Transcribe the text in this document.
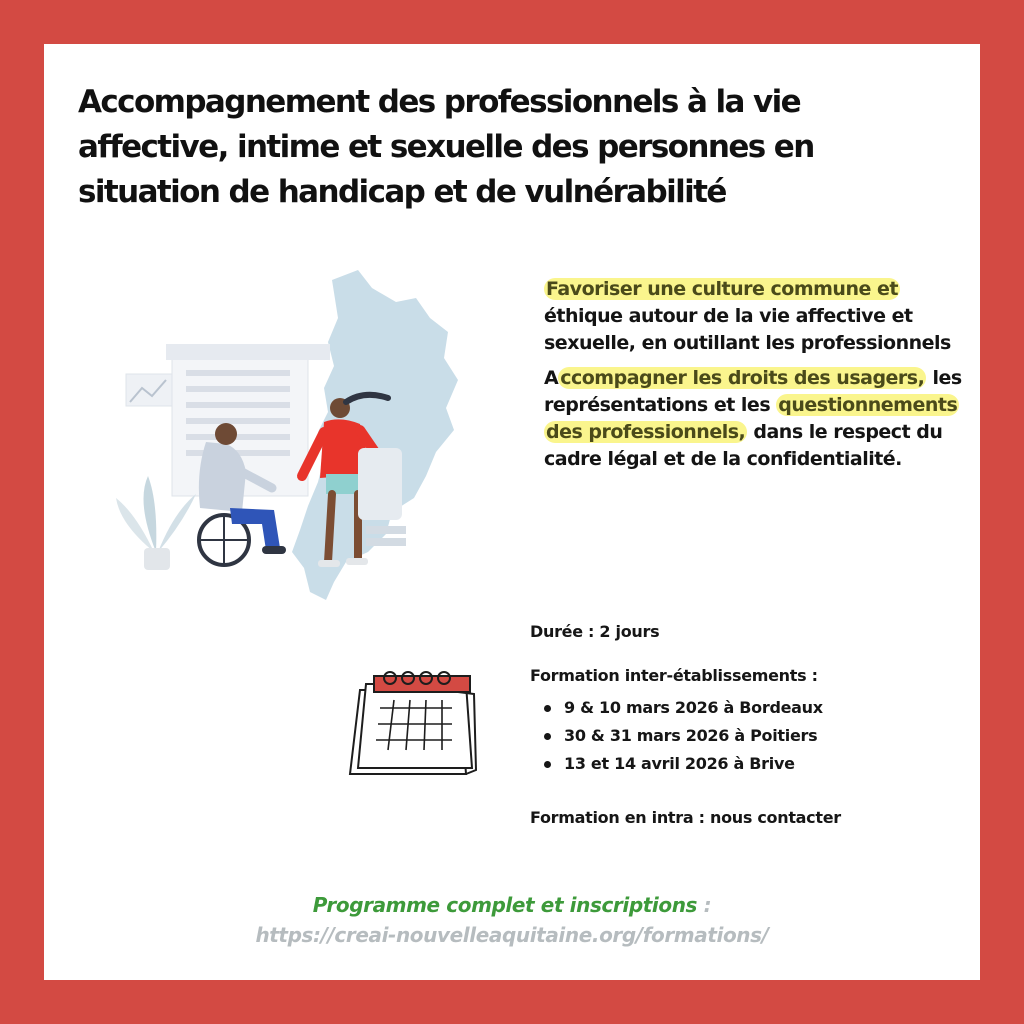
Accompagnement des professionnels à la vie affective, intime et sexuelle des personnes en situation de handicap et de vulnérabilité

Favoriser une culture commune et éthique autour de la vie affective et sexuelle, en outillant les professionnels

A ccompagner les droits des usagers, les représentations et les questionnements des professionnels, dans le respect du cadre légal et de la confidentialité.

Durée : 2 jours

Formation inter-établissements :

9 & 10 mars 2026 à Bordeaux
30 & 31 mars 2026 à Poitiers
13 et 14 avril 2026 à Brive

Formation en intra : nous contacter

Programme complet et inscriptions :
https://creai-nouvelleaquitaine.org/formations/
